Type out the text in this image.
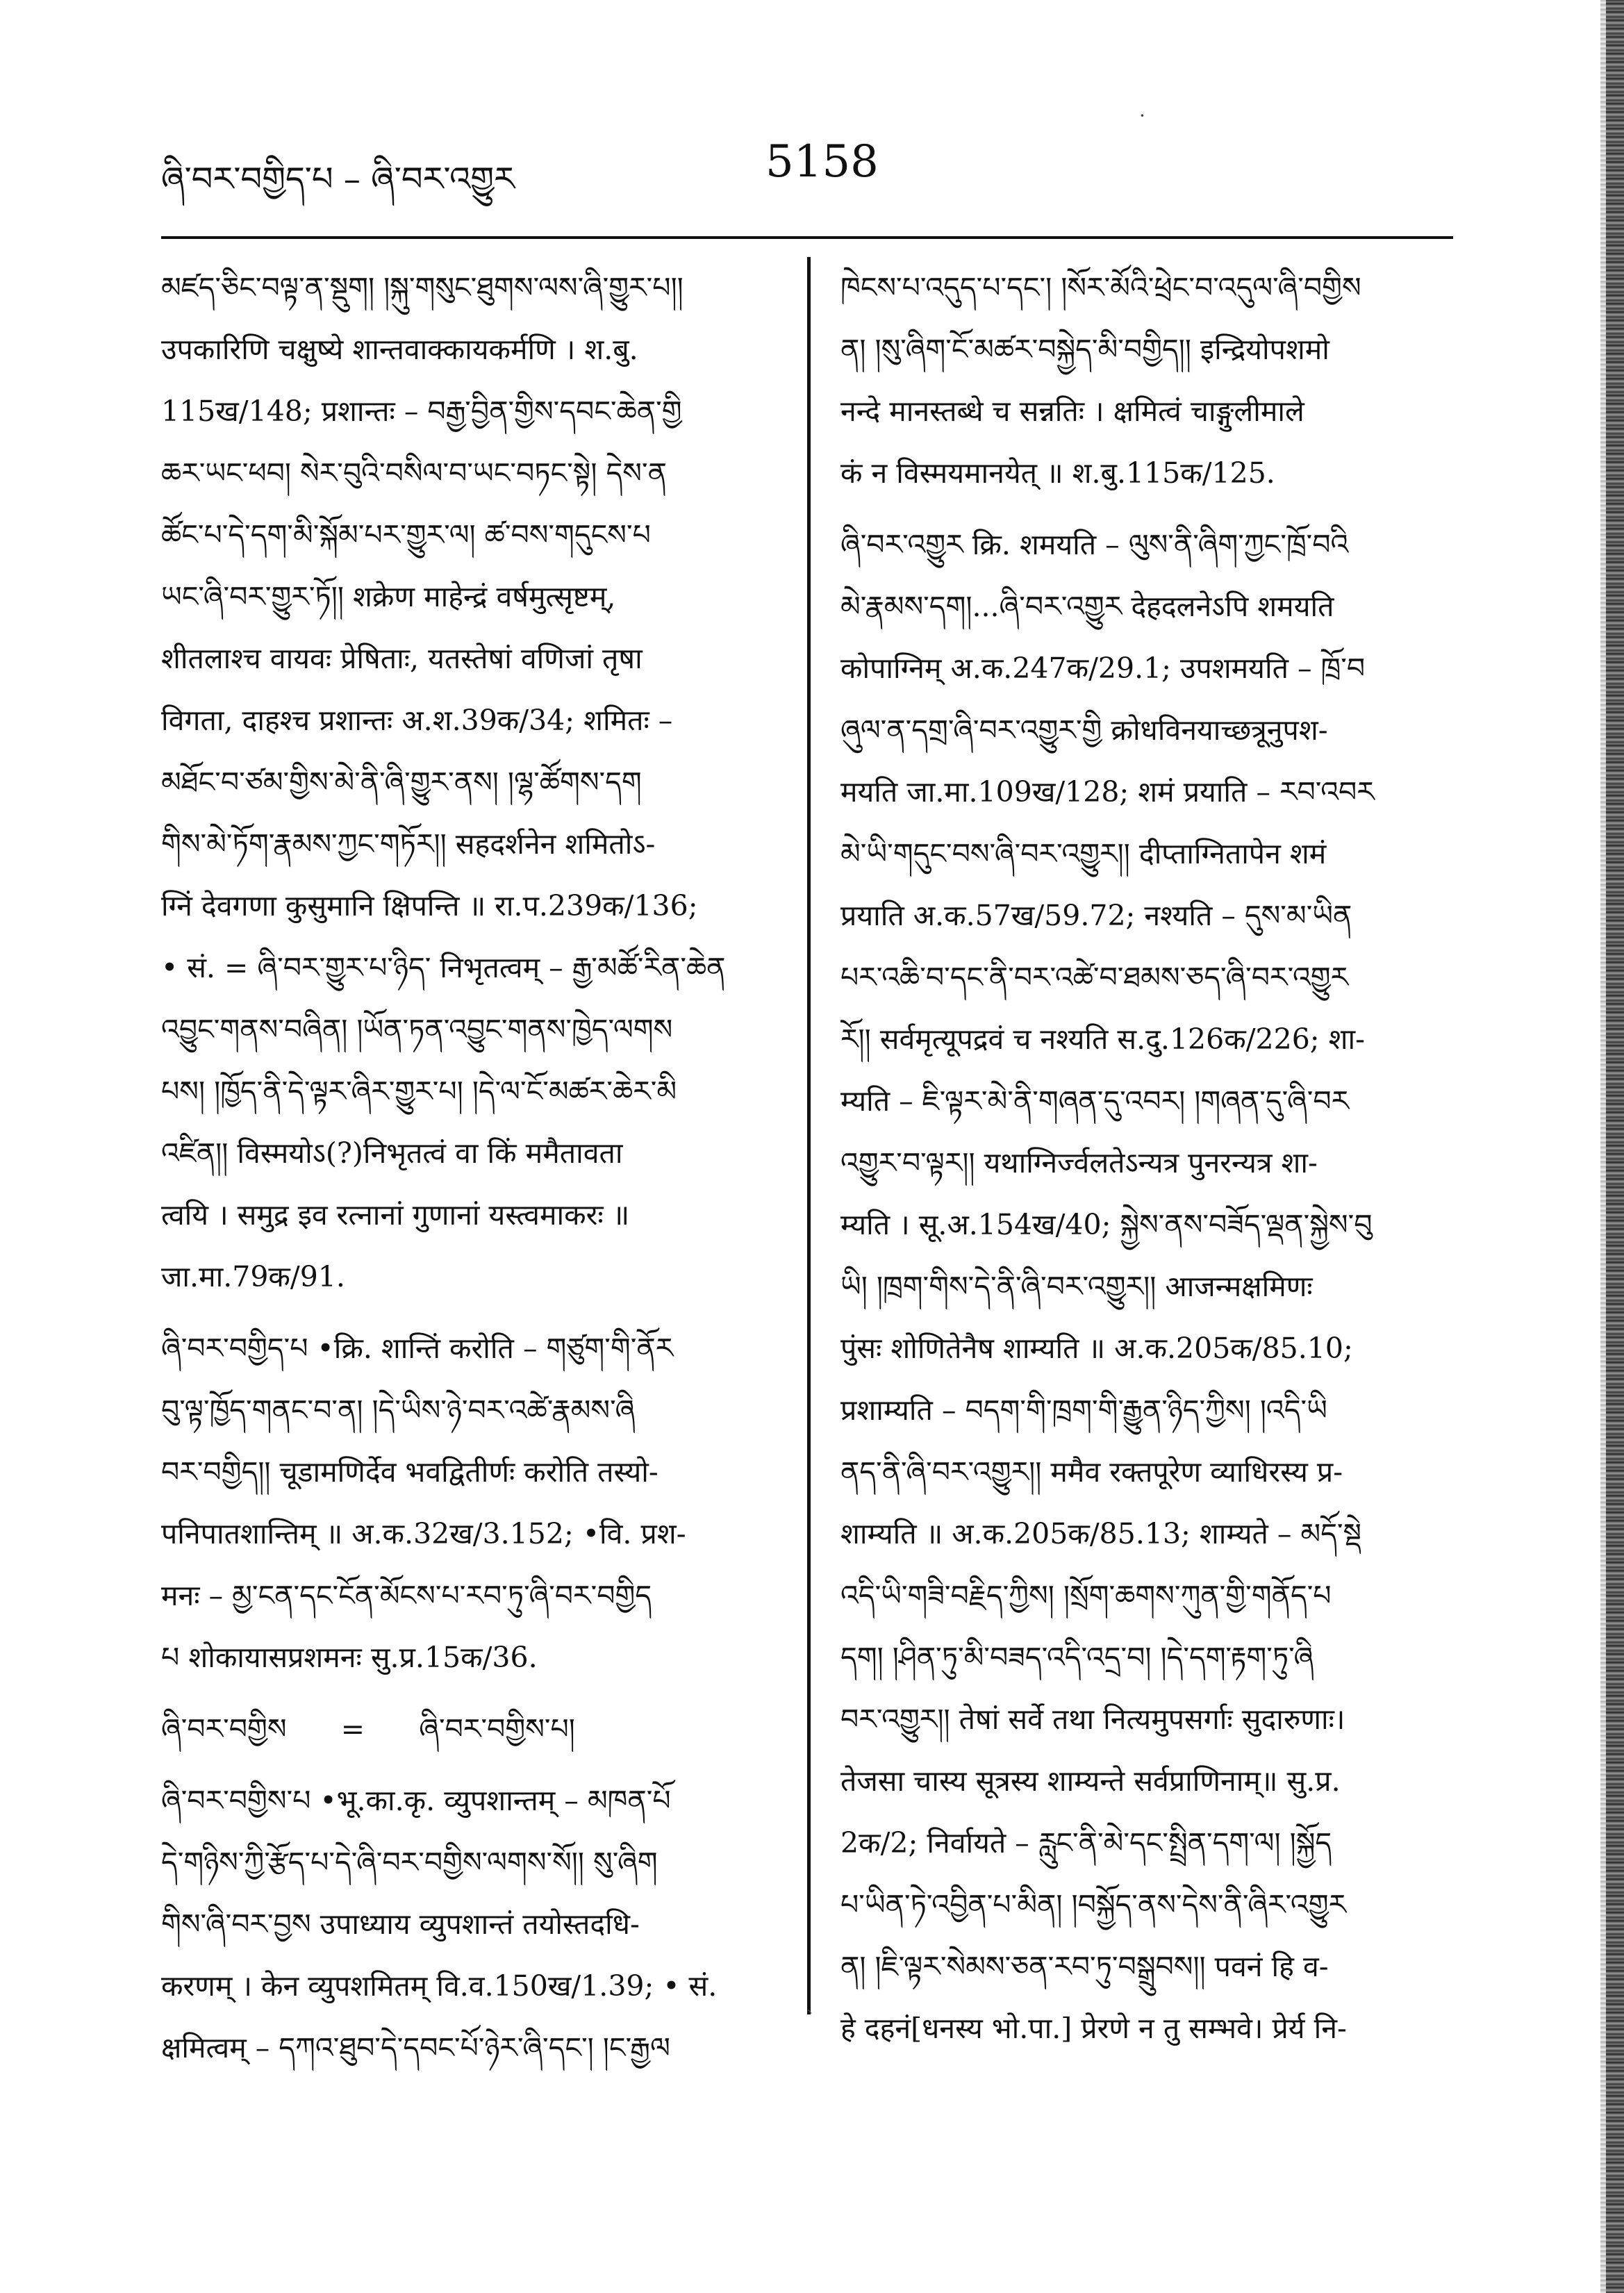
ཞི་བར་བགྱིད་པ – ཞི་བར་འགྱུར	5158
མཛད་ཅིང་བལྟ་ན་སྡུག། །སྐུ་གསུང་ཐུགས་ལས་ཞི་གྱུར་པ།།
उपकारिणि चक्षुष्ये शान्तवाक्कायकर्मणि । श.बु.
115ख/148; प्रशान्तः – བརྒྱ་བྱིན་གྱིས་དབང་ཆེན་གྱི
ཆར་ཡང་ཕབ། སེར་བུའི་བསིལ་བ་ཡང་བཏང་སྟེ། དེས་ན
ཚོང་པ་དེ་དག་མི་སྐོམ་པར་གྱུར་ལ། ཚ་བས་གདུངས་པ
ཡང་ཞི་བར་གྱུར་ཏོ།། शक्रेण माहेन्द्रं वर्षमुत्सृष्टम्,
शीतलाश्च वायवः प्रेषिताः, यतस्तेषां वणिजां तृषा
विगता, दाहश्च प्रशान्तः अ.श.39क/34; शमितः –
མཐོང་བ་ཙམ་གྱིས་མེ་ནི་ཞི་གྱུར་ནས། །ལྷ་ཚོགས་དག
གིས་མེ་ཏོག་རྣམས་ཀྱང་གཏོར།། सहदर्शनेन शमितोऽ-
ग्निं देवगणा कुसुमानि क्षिपन्ति ॥ रा.प.239क/136;
• सं. = ཞི་བར་གྱུར་པ་ཉིད་ निभृतत्वम् – རྒྱ་མཚོ་རིན་ཆེན
འབྱུང་གནས་བཞིན། །ཡོན་ཏན་འབྱུང་གནས་ཁྱེད་ལགས
པས། །ཁྱོད་ནི་དེ་ལྟར་ཞིར་གྱུར་པ། །དེ་ལ་ངོ་མཚར་ཆེར་མི
འཛིན།། विस्मयोऽ(?)निभृतत्वं वा किं ममैतावता
त्वयि । समुद्र इव रत्नानां गुणानां यस्त्वमाकरः ॥
जा.मा.79क/91.
ཞི་བར་བགྱིད་པ •क्रि. शान्तिं करोति – གཙུག་གི་ནོར
བུ་ལྟ་ཁྱོད་གནང་བ་ན། །དེ་ཡིས་ཉེ་བར་འཚེ་རྣམས་ཞི
བར་བགྱིད།། चूडामणिर्देव भवद्वितीर्णः करोति तस्यो-
पनिपातशान्तिम् ॥ अ.क.32ख/3.152; •वि. प्रश-
मनः – མྱ་ངན་དང་ངོན་མོངས་པ་རབ་ཏུ་ཞི་བར་བགྱིད
པ शोकायासप्रशमनः सु.प्र.15क/36.
ཞི་བར་བགྱིས      =      ཞི་བར་བགྱིས་པ།
ཞི་བར་བགྱིས་པ •भू.का.कृ. व्युपशान्तम् – མཁན་པོ
དེ་གཉིས་ཀྱི་རྩོད་པ་དེ་ཞི་བར་བགྱིས་ལགས་སོ།། སུ་ཞིག
གིས་ཞི་བར་བྱས उपाध्याय व्युपशान्तं तयोस्तदधि-
करणम् । केन व्युपशमितम् वि.व.150ख/1.39; • सं.
क्षमित्वम् – དཀའ་ཐུབ་དེ་དབང་པོ་ཉེར་ཞི་དང་། །ང་རྒྱལ
ཁེངས་པ་འདུད་པ་དང་། །སོར་མོའི་ཕྲེང་བ་འདུལ་ཞི་བགྱིས
ན། །སུ་ཞིག་ངོ་མཚར་བསྐྱེད་མི་བགྱིད།། इन्द्रियोपशमो
नन्दे मानस्तब्धे च सन्नतिः । क्षमित्वं चाङ्गुलीमाले
कं न विस्मयमानयेत् ॥ श.बु.115क/125.
ཞི་བར་འགྱུར क्रि. शमयति – ལུས་ནི་ཞིག་ཀྱང་ཁྲོ་བའི
མེ་རྣམས་དག།...ཞི་བར་འགྱུར देहदलनेऽपि शमयति
कोपाग्निम् अ.क.247क/29.1; उपशमयति – ཁྲོ་བ
ཞུལ་ན་དགྲ་ཞི་བར་འགྱུར་གྱི क्रोधविनयाच्छत्रूनुपश-
मयति जा.मा.109ख/128; शमं प्रयाति – རབ་འབར
མེ་ཡི་གདུང་བས་ཞི་བར་འགྱུར།། दीप्ताग्नितापेन शमं
प्रयाति अ.क.57ख/59.72; नश्यति – དུས་མ་ཡིན
པར་འཆི་བ་དང་ནི་བར་འཚེ་བ་ཐམས་ཅད་ཞི་བར་འགྱུར
རོ།། सर्वमृत्यूपद्रवं च नश्यति स.दु.126क/226; शा-
म्यति – ཇི་ལྟར་མེ་ནི་གཞན་དུ་འབར། །གཞན་དུ་ཞི་བར
འགྱུར་བ་ལྟར།། यथाग्निर्ज्वलतेऽन्यत्र पुनरन्यत्र शा-
म्यति । सू.अ.154ख/40; སྐྱེས་ནས་བཟོད་ལྡན་སྐྱེས་བུ
ཡི། །ཁྲག་གིས་དེ་ནི་ཞི་བར་འགྱུར།། आजन्मक्षमिणः
पुंसः शोणितेनैष शाम्यति ॥ अ.क.205क/85.10;
प्रशाम्यति – བདག་གི་ཁྲག་གི་རྒྱུན་ཉིད་ཀྱིས། །འདི་ཡི
ནད་ནི་ཞི་བར་འགྱུར།། ममैव रक्तपूरेण व्याधिरस्य प्र-
शाम्यति ॥ अ.क.205क/85.13; शाम्यते – མདོ་སྡེ
འདི་ཡི་གཟི་བརྗིད་ཀྱིས། །སྲོག་ཆགས་ཀུན་གྱི་གནོད་པ
དག། །ཤིན་ཏུ་མི་བཟད་འདི་འདྲ་བ། །དེ་དག་རྟག་ཏུ་ཞི
བར་འགྱུར།། तेषां सर्वे तथा नित्यमुपसर्गाः सुदारुणाः।
तेजसा चास्य सूत्रस्य शाम्यन्ते सर्वप्राणिनाम्॥ सु.प्र.
2क/2; निर्वायते – རླུང་ནི་མེ་དང་སྤྲིན་དག་ལ། །སྐྱོད
པ་ཡིན་ཏེ་འབྱིན་པ་མིན། །བསྐྱོད་ནས་དེས་ནི་ཞིར་འགྱུར
ན། །ཇི་ལྟར་སེམས་ཅན་རབ་ཏུ་བསྒྲུབས།། पवनं हि व-
हे दहनं[धनस्य भो.पा.] प्रेरणे न तु सम्भवे। प्रेर्य नि-
·
`
